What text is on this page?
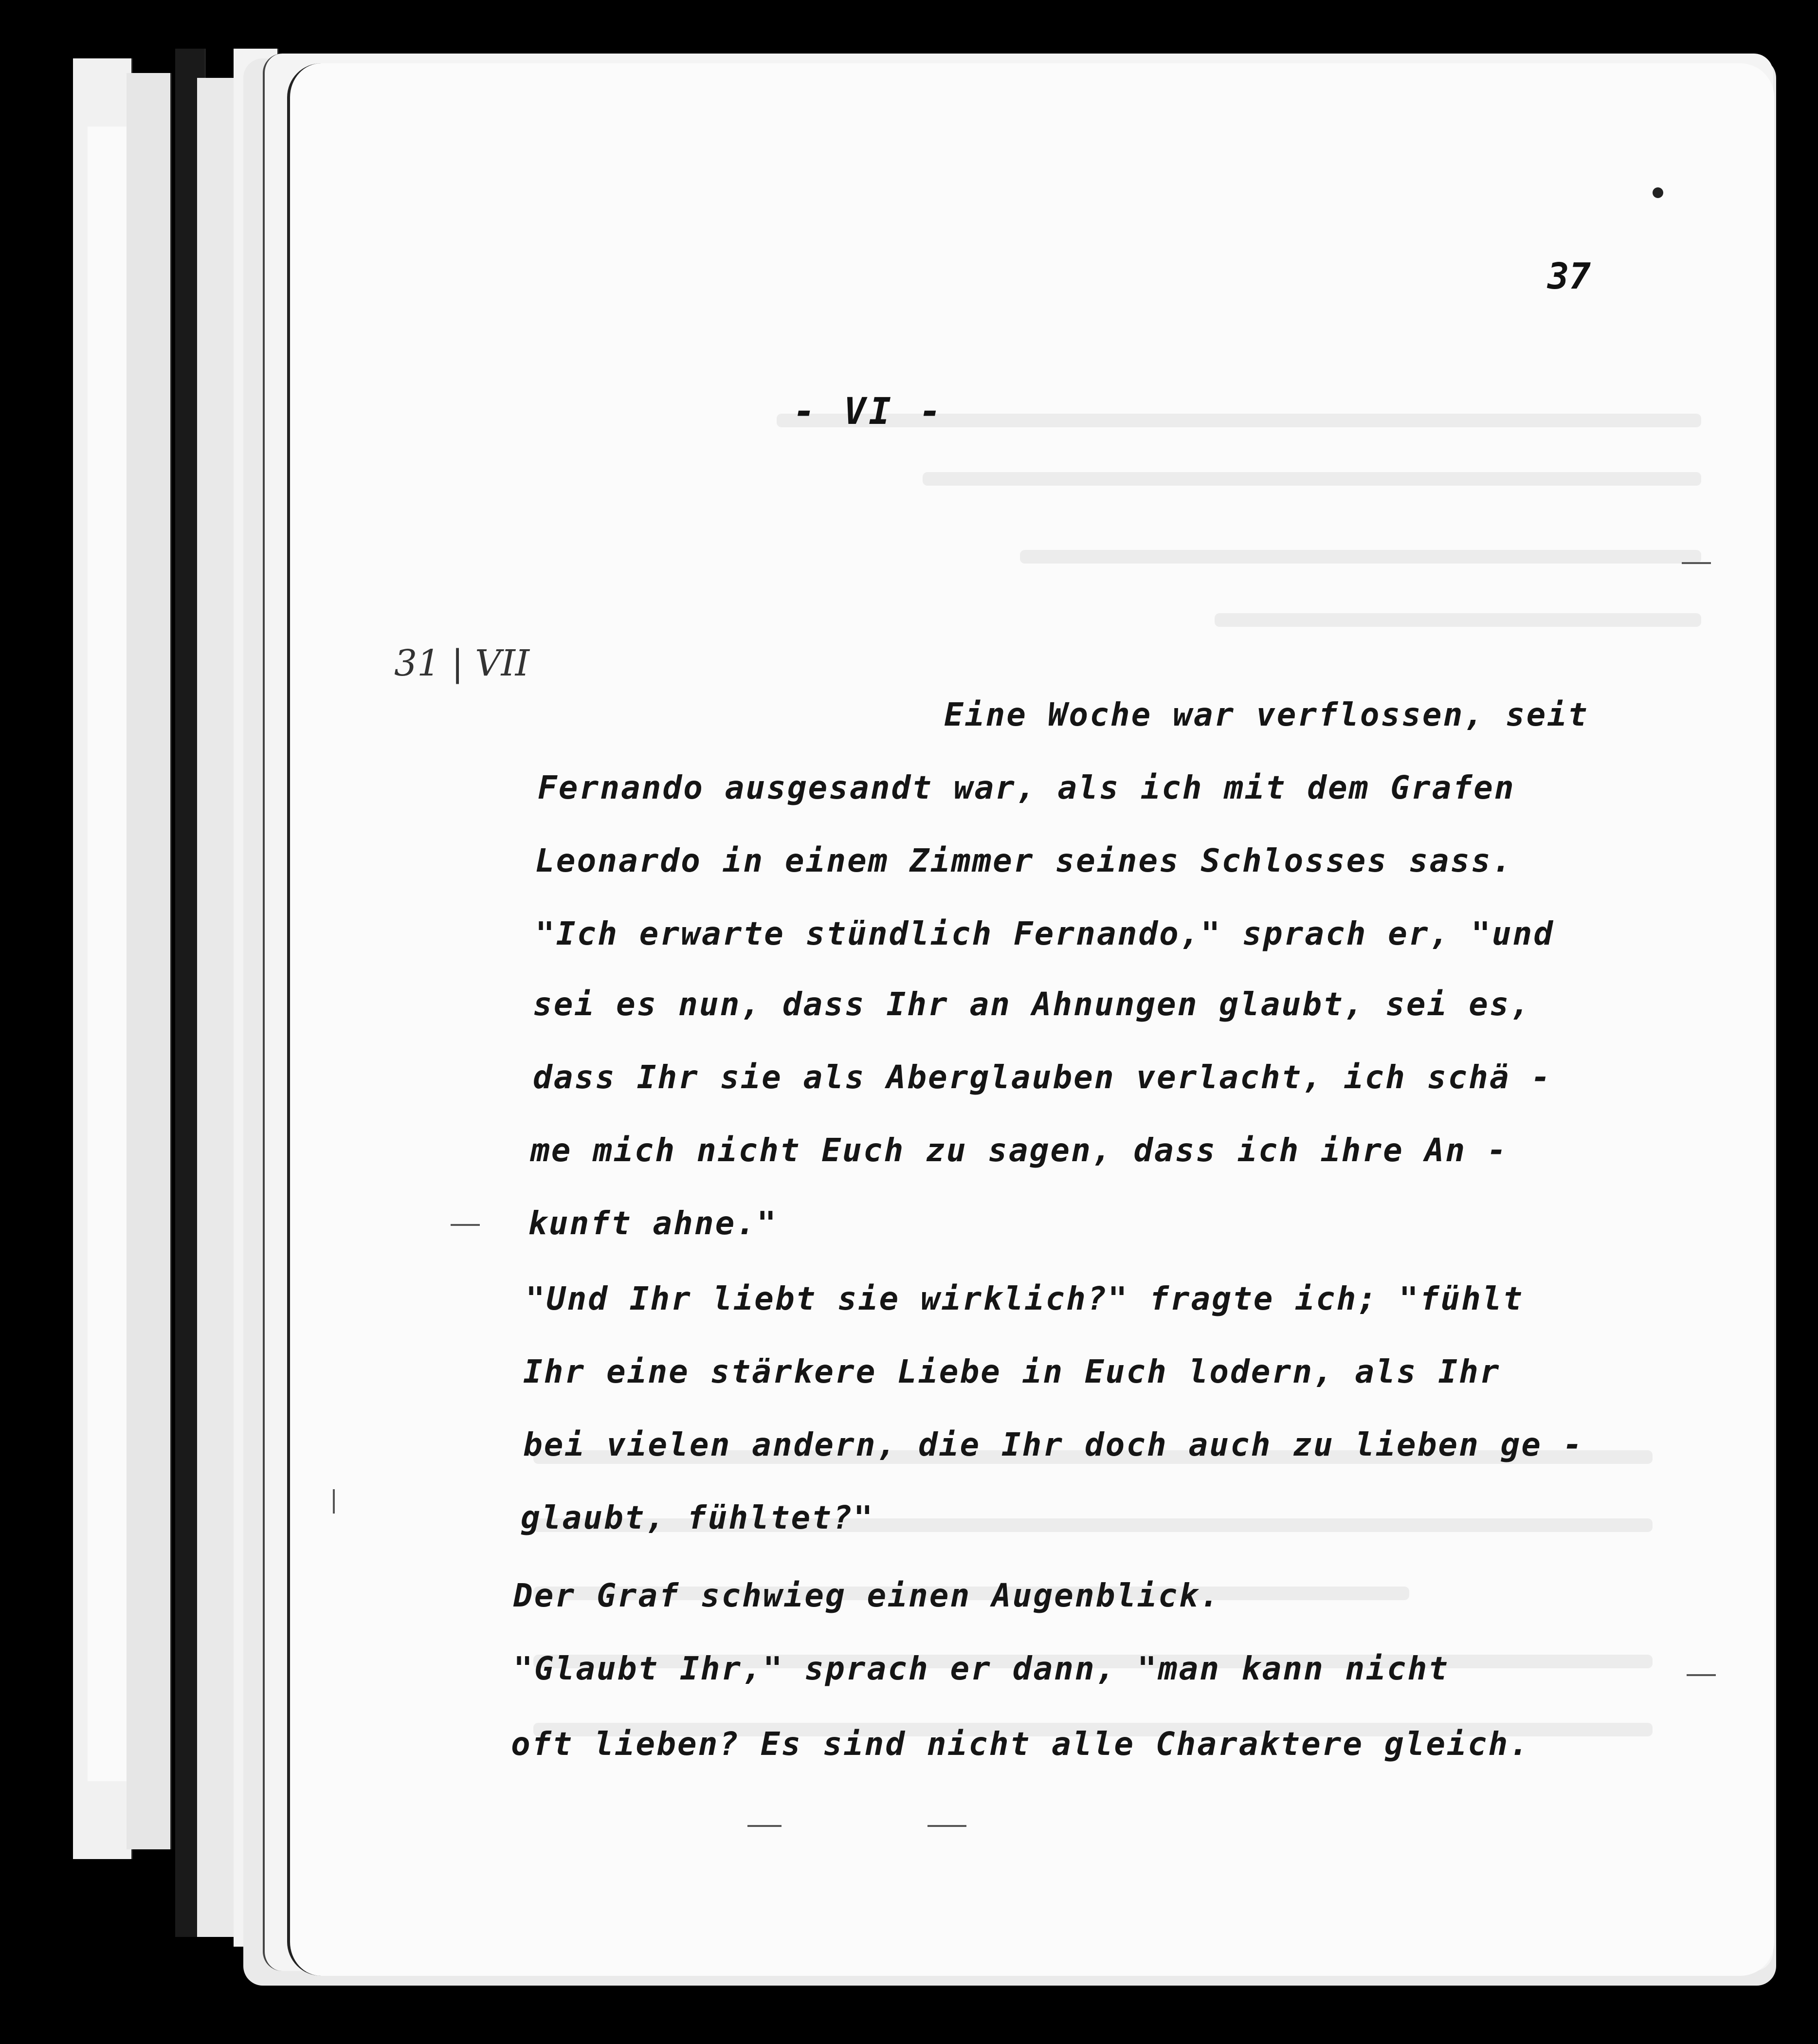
37
- VI -
31 | VII
Eine Woche war verflossen, seit
Fernando ausgesandt war, als ich mit dem Grafen
Leonardo in einem Zimmer seines Schlosses sass.
"Ich erwarte stündlich Fernando," sprach er, "und
sei es nun, dass Ihr an Ahnungen glaubt, sei es,
dass Ihr sie als Aberglauben verlacht, ich schä -
me mich nicht Euch zu sagen, dass ich ihre An -
kunft ahne."
"Und Ihr liebt sie wirklich?" fragte ich; "fühlt
Ihr eine stärkere Liebe in Euch lodern, als Ihr
bei vielen andern, die Ihr doch auch zu lieben ge -
glaubt, fühltet?"
Der Graf schwieg einen Augenblick.
"Glaubt Ihr," sprach er dann, "man kann nicht
oft lieben? Es sind nicht alle Charaktere gleich.
